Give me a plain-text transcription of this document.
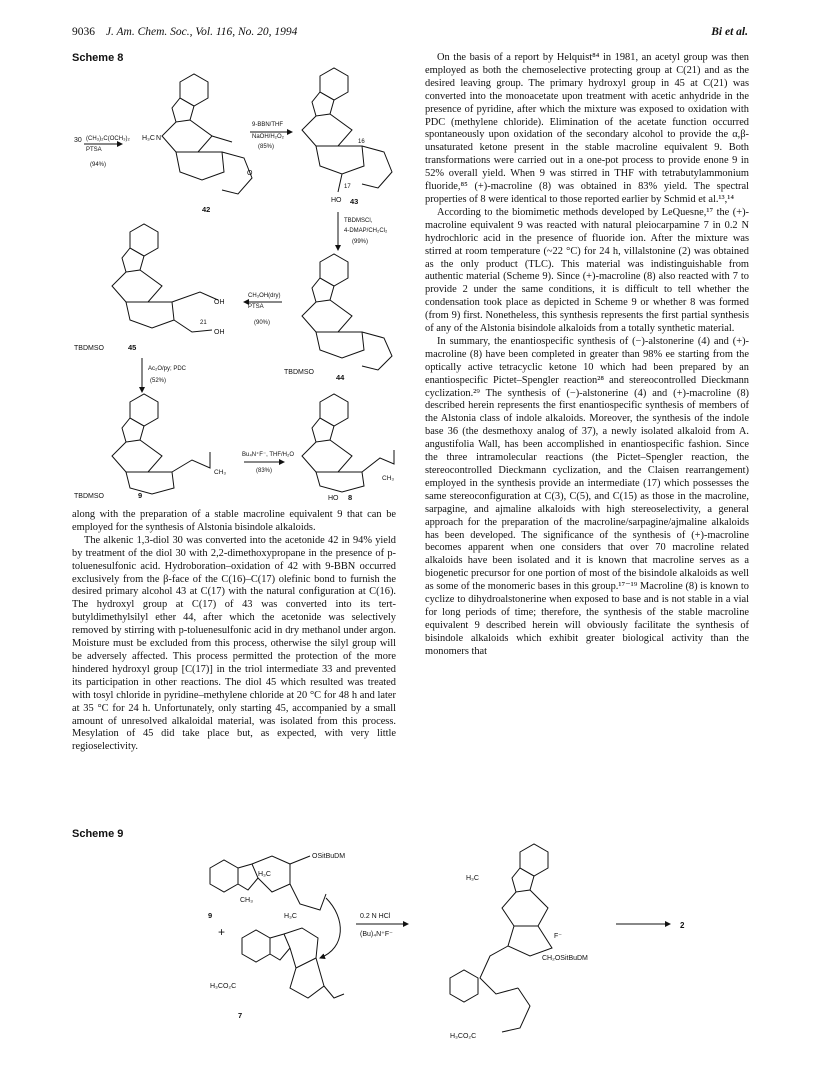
9036 J. Am. Chem. Soc., Vol. 116, No. 20, 1994	Bi et al.
Scheme 8
H₃C N
O
42
30 (CH₃)₂C(OCH₃)₂
PTSA
(94%)
9-BBN/THF
NaOH/H₂O₂
(85%)
HO
16
17
43
TBDMSCl,
4-DMAP/CH₂Cl₂
(99%)
OH
21
OH
TBDMSO	45
CH₃OH(dry)
PTSA
(90%)
TBDMSO
44
Ac₂O/py; PDC
(52%)
CH₃
TBDMSO	9
Bu₄N⁺F⁻, THF/H₂O
(83%)
CH₃
HO 8

along with the preparation of a stable macroline equivalent 9 that can be employed for the synthesis of Alstonia bisindole alkaloids.

The alkenic 1,3-diol 30 was converted into the acetonide 42 in 94% yield by treatment of the diol 30 with 2,2-dimethoxypropane in the presence of p-toluenesulfonic acid. Hydroboration–oxidation of 42 with 9-BBN occurred exclusively from the β-face of the C(16)–C(17) olefinic bond to furnish the desired primary alcohol 43 at C(17) with the natural configuration at C(16). The hydroxyl group at C(17) of 43 was converted into its tert-butyldimethylsilyl ether 44, after which the acetonide was selectively removed by stirring with p-toluenesulfonic acid in dry methanol under argon. Moisture must be excluded from this process, otherwise the silyl group will be adversely affected. This process permitted the protection of the more hindered hydroxyl group [C(17)] in the triol intermediate 33 and prevented its participation in other reactions. The diol 45 which resulted was treated with tosyl chloride in pyridine–methylene chloride at 20 °C for 48 h and later at 35 °C for 24 h. Unfortunately, only starting 45, accompanied by a small amount of unresolved alkaloidal material, was isolated from this process. Mesylation of 45 did take place but, as expected, with very little regioselectivity.

On the basis of a report by Helquist⁸⁴ in 1981, an acetyl group was then employed as both the chemoselective protecting group at C(21) and as the desired leaving group. The primary hydroxyl group in 45 at C(21) was converted into the monoacetate upon treatment with acetic anhydride in the presence of pyridine, after which the mixture was exposed to oxidation with PDC (methylene chloride). Elimination of the acetate function occurred spontaneously upon oxidation of the secondary alcohol to provide the α,β-unsaturated ketone present in the stable macroline equivalent 9. Both transformations were carried out in a one-pot process to provide enone 9 in 52% overall yield. When 9 was stirred in THF with tetrabutylammonium fluoride,⁸⁵ (+)-macroline (8) was obtained in 83% yield. The spectral properties of 8 were identical to those reported earlier by Schmid et al.¹³,¹⁴

According to the biomimetic methods developed by LeQuesne,¹⁷ the (+)-macroline equivalent 9 was reacted with natural pleiocarpamine 7 in 0.2 N hydrochloric acid in the presence of fluoride ion. After the mixture was stirred at room temperature (~22 °C) for 24 h, villalstonine (2) was obtained as the only product (TLC). This material was indistinguishable from authentic material (Scheme 9). Since (+)-macroline (8) also reacted with 7 to provide 2 under the same conditions, it is difficult to tell whether the condensation took place as depicted in Scheme 9 or whether 8 was formed (from 9) first. Nonetheless, this synthesis represents the first partial synthesis of any of the Alstonia bisindole alkaloids from a totally synthetic material.

In summary, the enantiospecific synthesis of (−)-alstonerine (4) and (+)-macroline (8) have been completed in greater than 98% ee starting from the optically active tetracyclic ketone 10 which had been prepared by an enantiospecific Pictet–Spengler reaction²⁸ and stereocontrolled Dieckmann cyclization.²⁹ The synthesis of (−)-alstonerine (4) and (+)-macroline (8) described herein represents the first enantiospecific synthesis of members of the Alstonia class of indole alkaloids. Moreover, the synthesis of the indole base 36 (the desmethoxy analog of 37), a newly isolated alkaloid from A. angustifolia Wall, has been accomplished in enantiospecific fashion. Since the three intramolecular reactions (the Pictet–Spengler reaction, the stereocontrolled Dieckmann cyclization, and the Claisen rearrangement) employed in the synthesis provide an intermediate (17) which possesses the same stereoconfiguration at C(3), C(5), and C(15) as those in the macroline, sarpagine, and ajmaline alkaloids with high stereoselectivity, a general approach for the preparation of the macroline/sarpagine/ajmaline alkaloids has been developed. The significance of the synthesis of (+)-macroline becomes apparent when one considers that over 70 macroline related alkaloids have been isolated and it is known that macroline serves as a biogenetic precursor for one portion of most of the bisindole alkaloids as well as some of the monomeric bases in this group.¹⁷⁻¹⁹ Macroline (8) is known to cyclize to dihydroalstonerine when exposed to base and is not stable in a vial for long periods of time; therefore, the synthesis of the stable macroline equivalent 9 described herein will obviously facilitate the synthesis of bisindole alkaloids which exhibit greater biological activity than the monomers that

Scheme 9
OSitBuDM
H₃C
CH₃
9	H₃C
+
H₃CO₂C
7
0.2 N HCl
(Bu)₄N⁺F⁻
H₃C
F⁻
CH₂OSitBuDM
H₃CO₂C
2
